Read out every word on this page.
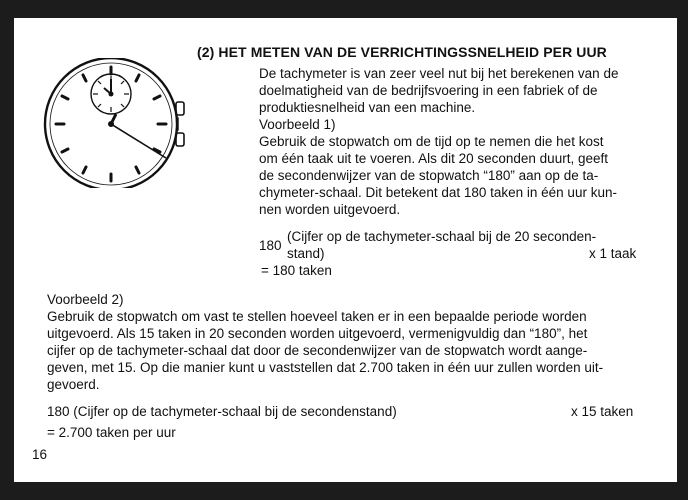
(2) HET METEN VAN DE VERRICHTINGSSNELHEID PER UUR
De tachymeter is van zeer veel nut bij het berekenen van de
doelmatigheid van de bedrijfsvoering in een fabriek of de
produktiesnelheid van een machine.
Voorbeeld 1)
Gebruik de stopwatch om de tijd op te nemen die het kost
om één taak uit te voeren. Als dit 20 seconden duurt, geeft
de secondenwijzer van de stopwatch “180” aan op de ta-
chymeter-schaal. Dit betekent dat 180 taken in één uur kun-
nen worden uitgevoerd.
180
(Cijfer op de tachymeter-schaal bij de 20 seconden-
stand)	x 1 taak
= 180 taken
Voorbeeld 2)
Gebruik de stopwatch om vast te stellen hoeveel taken er in een bepaalde periode worden
uitgevoerd. Als 15 taken in 20 seconden worden uitgevoerd, vermenigvuldig dan “180”, het
cijfer op de tachymeter-schaal dat door de secondenwijzer van de stopwatch wordt aange-
geven, met 15. Op die manier kunt u vaststellen dat 2.700 taken in één uur zullen worden uit-
gevoerd.
180 (Cijfer op de tachymeter-schaal bij de secondenstand)	x 15 taken
= 2.700 taken per uur
16
